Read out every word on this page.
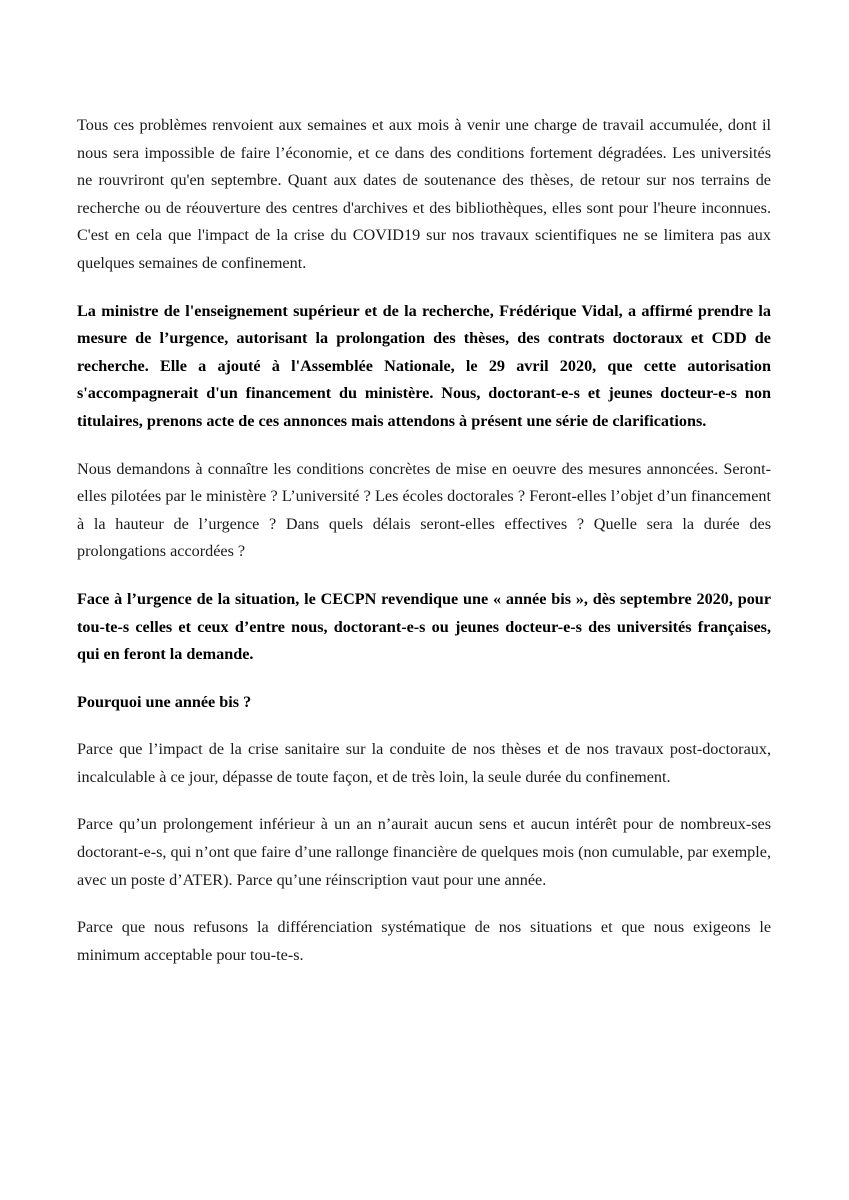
Tous ces problèmes renvoient aux semaines et aux mois à venir une charge de travail accumulée, dont il nous sera impossible de faire l’économie, et ce dans des conditions fortement dégradées. Les universités ne rouvriront qu'en septembre. Quant aux dates de soutenance des thèses, de retour sur nos terrains de recherche ou de réouverture des centres d'archives et des bibliothèques, elles sont pour l'heure inconnues. C'est en cela que l'impact de la crise du COVID19 sur nos travaux scientifiques ne se limitera pas aux quelques semaines de confinement.

La ministre de l'enseignement supérieur et de la recherche, Frédérique Vidal, a affirmé prendre la mesure de l’urgence, autorisant la prolongation des thèses, des contrats doctoraux et CDD de recherche. Elle a ajouté à l'Assemblée Nationale, le 29 avril 2020, que cette autorisation s'accompagnerait d'un financement du ministère. Nous, doctorant-e-s et jeunes docteur-e-s non titulaires, prenons acte de ces annonces mais attendons à présent une série de clarifications.

Nous demandons à connaître les conditions concrètes de mise en oeuvre des mesures annoncées. Seront-elles pilotées par le ministère ? L’université ? Les écoles doctorales ? Feront-elles l’objet d’un financement à la hauteur de l’urgence ? Dans quels délais seront-elles effectives ? Quelle sera la durée des prolongations accordées ?

Face à l’urgence de la situation, le CECPN revendique une « année bis », dès septembre 2020, pour tou-te-s celles et ceux d’entre nous, doctorant-e-s ou jeunes docteur-e-s des universités françaises, qui en feront la demande.

Pourquoi une année bis ?

Parce que l’impact de la crise sanitaire sur la conduite de nos thèses et de nos travaux post-doctoraux, incalculable à ce jour, dépasse de toute façon, et de très loin, la seule durée du confinement.

Parce qu’un prolongement inférieur à un an n’aurait aucun sens et aucun intérêt pour de nombreux-ses doctorant-e-s, qui n’ont que faire d’une rallonge financière de quelques mois (non cumulable, par exemple, avec un poste d’ATER). Parce qu’une réinscription vaut pour une année.

Parce que nous refusons la différenciation systématique de nos situations et que nous exigeons le minimum acceptable pour tou-te-s.
